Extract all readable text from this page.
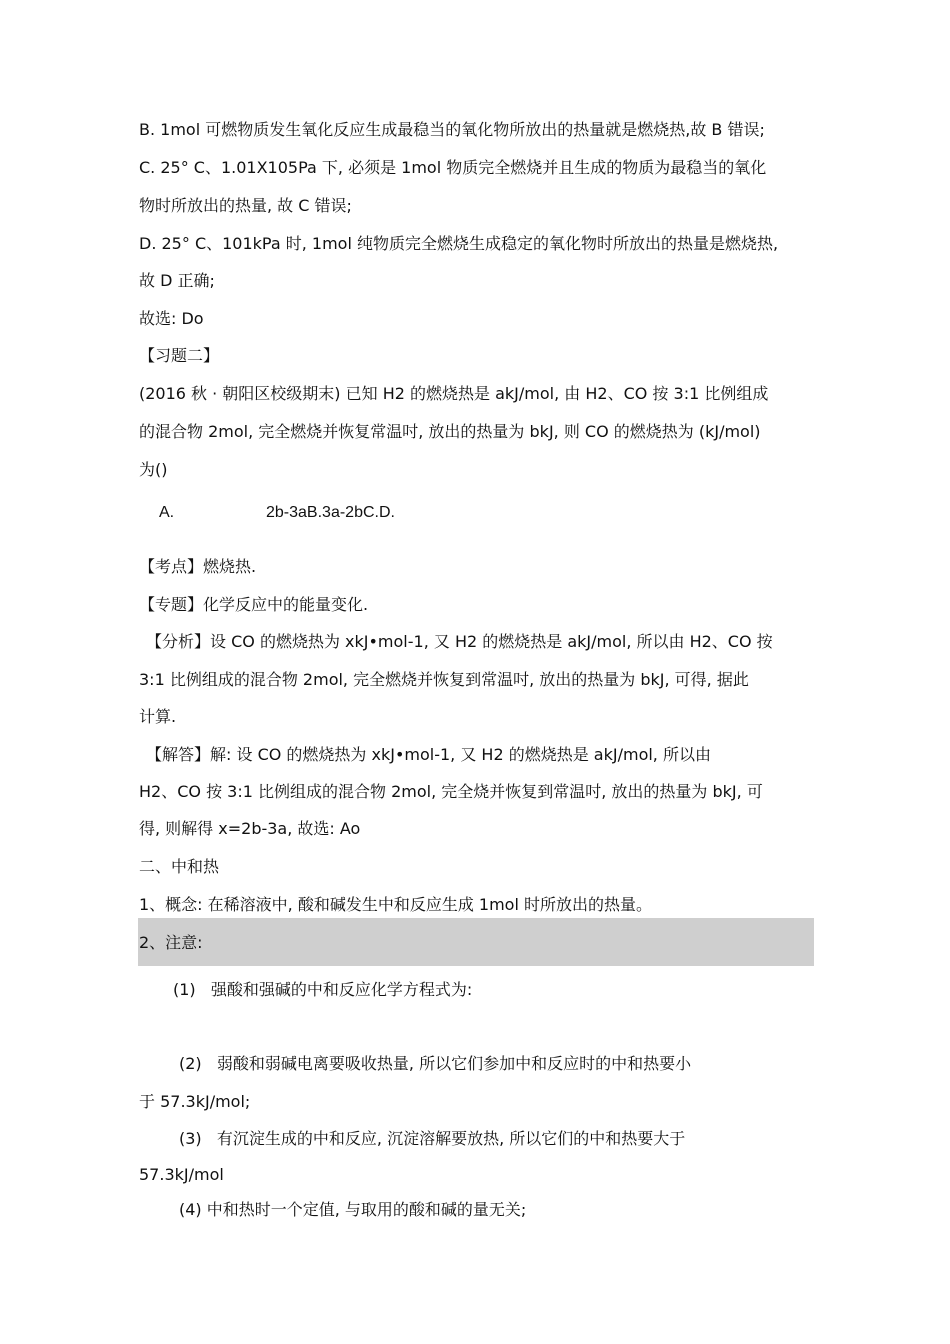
B. 1mol 可燃物质发生氧化反应生成最稳当的氧化物所放出的热量就是燃烧热,故 B 错误;
C. 25° C、1.01X105Pa 下, 必须是 1mol 物质完全燃烧并且生成的物质为最稳当的氧化
物时所放出的热量, 故 C 错误;
D. 25° C、101kPa 时, 1mol 纯物质完全燃烧生成稳定的氧化物时所放出的热量是燃烧热,
故 D 正确;
故选: Do
【习题二】
(2016 秋 · 朝阳区校级期末) 已知 H2 的燃烧热是 akJ/mol, 由 H2、CO 按 3:1 比例组成
的混合物 2mol, 完全燃烧并恢复常温吋, 放出的热量为 bkJ, 则 CO 的燃烧热为 (kJ/mol)
为()
A.	2b-3aB.3a-2bC.D.
【考点】燃烧热.
【专题】化学反应中的能量变化.
【分析】设 CO 的燃烧热为 xkJ•mol-1, 又 H2 的燃烧热是 akJ/mol, 所以由 H2、CO 按
3:1 比例组成的混合物 2mol, 完全燃烧并恢复到常温吋, 放出的热量为 bkJ, 可得, 据此
计算.
【解答】解: 设 CO 的燃烧热为 xkJ•mol-1, 又 H2 的燃烧热是 akJ/mol, 所以由
H2、CO 按 3:1 比例组成的混合物 2mol, 完全烧并恢复到常温吋, 放出的热量为 bkJ, 可
得, 则解得 x=2b-3a, 故选: Ao
二、中和热
1、概念: 在稀溶液中, 酸和碱发生中和反应生成 1mol 时所放出的热量。
2、注意:
(1)   强酸和强碱的中和反应化学方程式为:
(2)   弱酸和弱碱电离要吸收热量, 所以它们参加中和反应时的中和热要小
于 57.3kJ/mol;
(3)   有沉淀生成的中和反应, 沉淀溶解要放热, 所以它们的中和热要大于
57.3kJ/mol
(4) 中和热时一个定值, 与取用的酸和碱的量无关;
